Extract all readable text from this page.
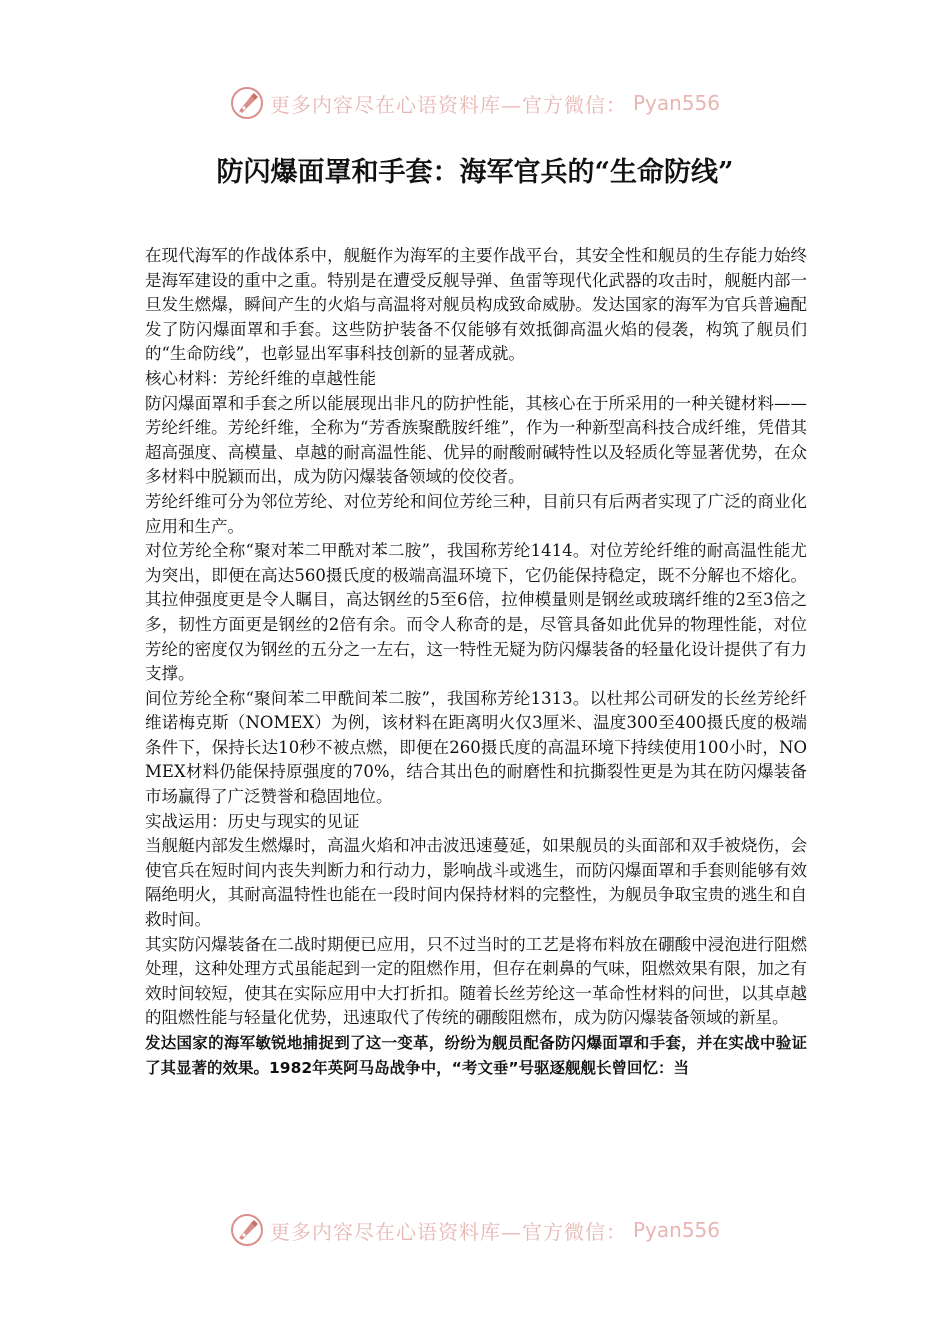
更多内容尽在心语资料库—官方微信： Pyan556
防闪爆面罩和手套：海军官兵的“生命防线”

在现代海军的作战体系中，舰艇作为海军的主要作战平台，其安全性和舰员的生存能力始终是海军建设的重中之重。特别是在遭受反舰导弹、鱼雷等现代化武器的攻击时，舰艇内部一旦发生燃爆，瞬间产生的火焰与高温将对舰员构成致命威胁。发达国家的海军为官兵普遍配发了防闪爆面罩和手套。这些防护装备不仅能够有效抵御高温火焰的侵袭，构筑了舰员们的“生命防线”，也彰显出军事科技创新的显著成就。

核心材料：芳纶纤维的卓越性能

防闪爆面罩和手套之所以能展现出非凡的防护性能，其核心在于所采用的一种关键材料——芳纶纤维。芳纶纤维，全称为“芳香族聚酰胺纤维”，作为一种新型高科技合成纤维，凭借其超高强度、高模量、卓越的耐高温性能、优异的耐酸耐碱特性以及轻质化等显著优势，在众多材料中脱颖而出，成为防闪爆装备领域的佼佼者。

芳纶纤维可分为邻位芳纶、对位芳纶和间位芳纶三种，目前只有后两者实现了广泛的商业化应用和生产。

对位芳纶全称“聚对苯二甲酰对苯二胺”，我国称芳纶1414。对位芳纶纤维的耐高温性能尤为突出，即便在高达560摄氏度的极端高温环境下，它仍能保持稳定，既不分解也不熔化。其拉伸强度更是令人瞩目，高达钢丝的5至6倍，拉伸模量则是钢丝或玻璃纤维的2至3倍之多，韧性方面更是钢丝的2倍有余。而令人称奇的是，尽管具备如此优异的物理性能，对位芳纶的密度仅为钢丝的五分之一左右，这一特性无疑为防闪爆装备的轻量化设计提供了有力支撑。

间位芳纶全称“聚间苯二甲酰间苯二胺”，我国称芳纶1313。以杜邦公司研发的长丝芳纶纤维诺梅克斯（NOMEX）为例，该材料在距离明火仅3厘米、温度300至400摄氏度的极端条件下，保持长达10秒不被点燃，即便在260摄氏度的高温环境下持续使用100小时，NOMEX材料仍能保持原强度的70%，结合其出色的耐磨性和抗撕裂性更是为其在防闪爆装备市场赢得了广泛赞誉和稳固地位。

实战运用：历史与现实的见证

当舰艇内部发生燃爆时，高温火焰和冲击波迅速蔓延，如果舰员的头面部和双手被烧伤，会使官兵在短时间内丧失判断力和行动力，影响战斗或逃生，而防闪爆面罩和手套则能够有效隔绝明火，其耐高温特性也能在一段时间内保持材料的完整性，为舰员争取宝贵的逃生和自救时间。

其实防闪爆装备在二战时期便已应用，只不过当时的工艺是将布料放在硼酸中浸泡进行阻燃处理，这种处理方式虽能起到一定的阻燃作用，但存在刺鼻的气味，阻燃效果有限，加之有效时间较短，使其在实际应用中大打折扣。随着长丝芳纶这一革命性材料的问世，以其卓越的阻燃性能与轻量化优势，迅速取代了传统的硼酸阻燃布，成为防闪爆装备领域的新星。

发达国家的海军敏锐地捕捉到了这一变革，纷纷为舰员配备防闪爆面罩和手套，并在实战中验证了其显著的效果。1982年英阿马岛战争中，“考文垂”号驱逐舰舰长曾回忆：当

更多内容尽在心语资料库—官方微信： Pyan556
